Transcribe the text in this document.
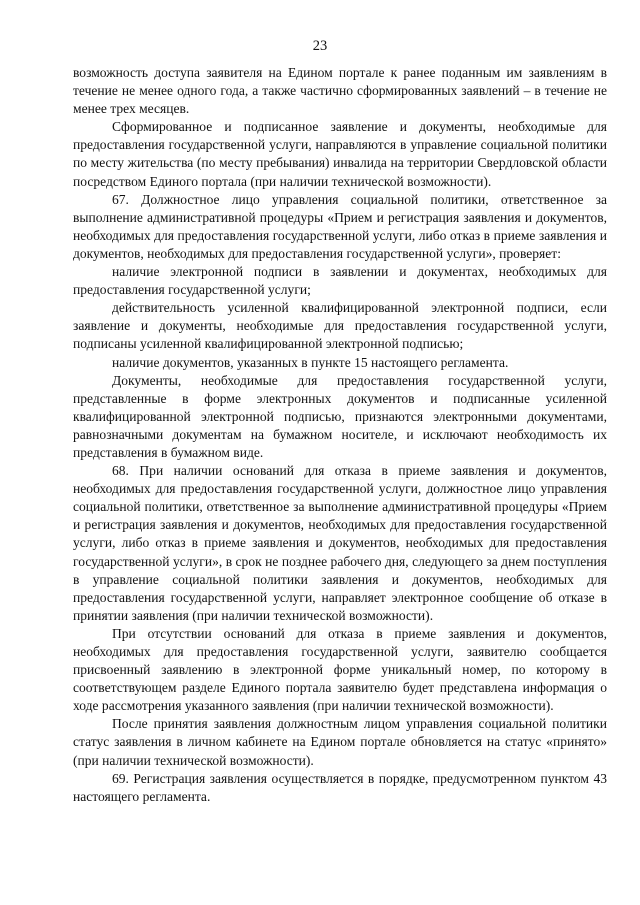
23

возможность доступа заявителя на Едином портале к ранее поданным им заявлениям в течение не менее одного года, а также частично сформированных заявлений – в течение не менее трех месяцев.

Сформированное и подписанное заявление и документы, необходимые для предоставления государственной услуги, направляются в управление социальной политики по месту жительства (по месту пребывания) инвалида на территории Свердловской области посредством Единого портала (при наличии технической возможности).

67. Должностное лицо управления социальной политики, ответственное за выполнение административной процедуры «Прием и регистрация заявления и документов, необходимых для предоставления государственной услуги, либо отказ в приеме заявления и документов, необходимых для предоставления государственной услуги», проверяет:

наличие электронной подписи в заявлении и документах, необходимых для предоставления государственной услуги;

действительность усиленной квалифицированной электронной подписи, если заявление и документы, необходимые для предоставления государственной услуги, подписаны усиленной квалифицированной электронной подписью;

наличие документов, указанных в пункте 15 настоящего регламента.

Документы, необходимые для предоставления государственной услуги, представленные в форме электронных документов и подписанные усиленной квалифицированной электронной подписью, признаются электронными документами, равнозначными документам на бумажном носителе, и исключают необходимость их представления в бумажном виде.

68. При наличии оснований для отказа в приеме заявления и документов, необходимых для предоставления государственной услуги, должностное лицо управления социальной политики, ответственное за выполнение административной процедуры «Прием и регистрация заявления и документов, необходимых для предоставления государственной услуги, либо отказ в приеме заявления и документов, необходимых для предоставления государственной услуги», в срок не позднее рабочего дня, следующего за днем поступления в управление социальной политики заявления и документов, необходимых для предоставления государственной услуги, направляет электронное сообщение об отказе в принятии заявления (при наличии технической возможности).

При отсутствии оснований для отказа в приеме заявления и документов, необходимых для предоставления государственной услуги, заявителю сообщается присвоенный заявлению в электронной форме уникальный номер, по которому в соответствующем разделе Единого портала заявителю будет представлена информация о ходе рассмотрения указанного заявления (при наличии технической возможности).

После принятия заявления должностным лицом управления социальной политики статус заявления в личном кабинете на Едином портале обновляется на статус «принято» (при наличии технической возможности).

69. Регистрация заявления осуществляется в порядке, предусмотренном пунктом 43 настоящего регламента.
